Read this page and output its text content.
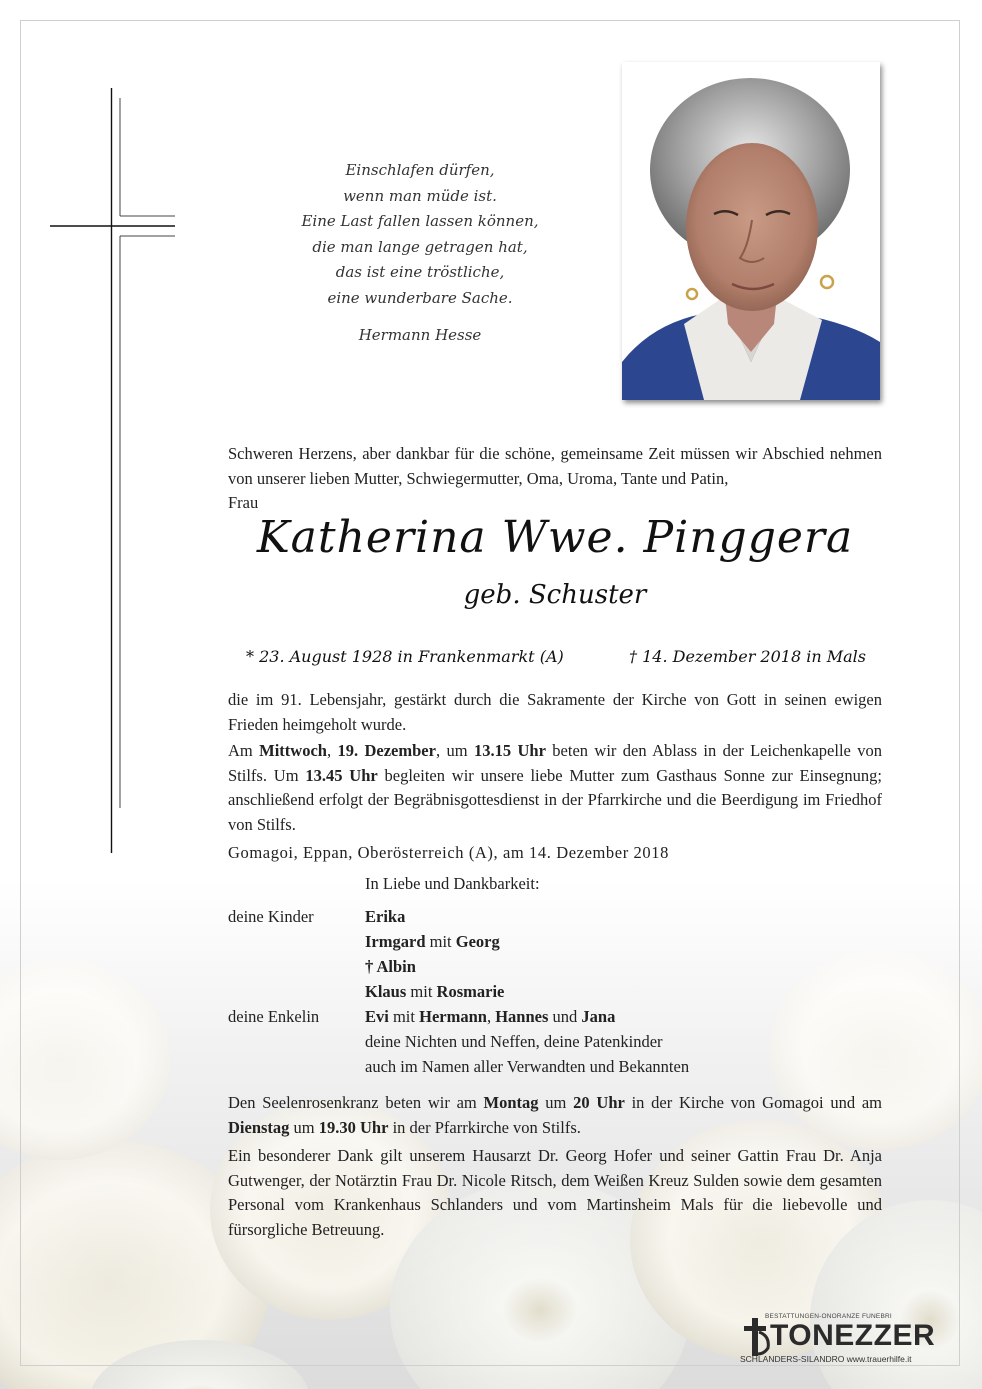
Einschlafen dürfen,
wenn man müde ist.
Eine Last fallen lassen können,
die man lange getragen hat,
das ist eine tröstliche,
eine wunderbare Sache.
Hermann Hesse
Schweren Herzens, aber dankbar für die schöne, gemeinsame Zeit müssen wir Abschied nehmen von unserer lieben Mutter, Schwiegermutter, Oma, Uroma, Tante und Patin,
Frau
Katherina Wwe. Pinggera
geb. Schuster
* 23. August 1928 in Frankenmarkt (A)	† 14. Dezember 2018 in Mals
die im 91. Lebensjahr, gestärkt durch die Sakramente der Kirche von Gott in seinen ewigen Frieden heimgeholt wurde.
Am Mittwoch, 19. Dezember, um 13.15 Uhr beten wir den Ablass in der Leichenkapelle von Stilfs. Um 13.45 Uhr begleiten wir unsere liebe Mutter zum Gasthaus Sonne zur Einsegnung; anschließend erfolgt der Begräbnisgottesdienst in der Pfarrkirche und die Beerdigung im Friedhof von Stilfs.
Gomagoi, Eppan, Oberösterreich (A), am 14. Dezember 2018
In Liebe und Dankbarkeit:
deine Kinder	Erika
Irmgard mit Georg
† Albin
Klaus mit Rosmarie
deine Enkelin	Evi mit Hermann, Hannes und Jana
deine Nichten und Neffen, deine Patenkinder
auch im Namen aller Verwandten und Bekannten
Den Seelenrosenkranz beten wir am Montag um 20 Uhr in der Kirche von Gomagoi und am Dienstag um 19.30 Uhr in der Pfarrkirche von Stilfs.
Ein besonderer Dank gilt unserem Hausarzt Dr. Georg Hofer und seiner Gattin Frau Dr. Anja Gutwenger, der Notärztin Frau Dr. Nicole Ritsch, dem Weißen Kreuz Sulden sowie dem gesamten Personal vom Krankenhaus Schlanders und vom Martinsheim Mals für die liebevolle und fürsorgliche Betreuung.
BESTATTUNGEN-ONORANZE FUNEBRI
TONEZZER
SCHLANDERS-SILANDRO www.trauerhilfe.it
